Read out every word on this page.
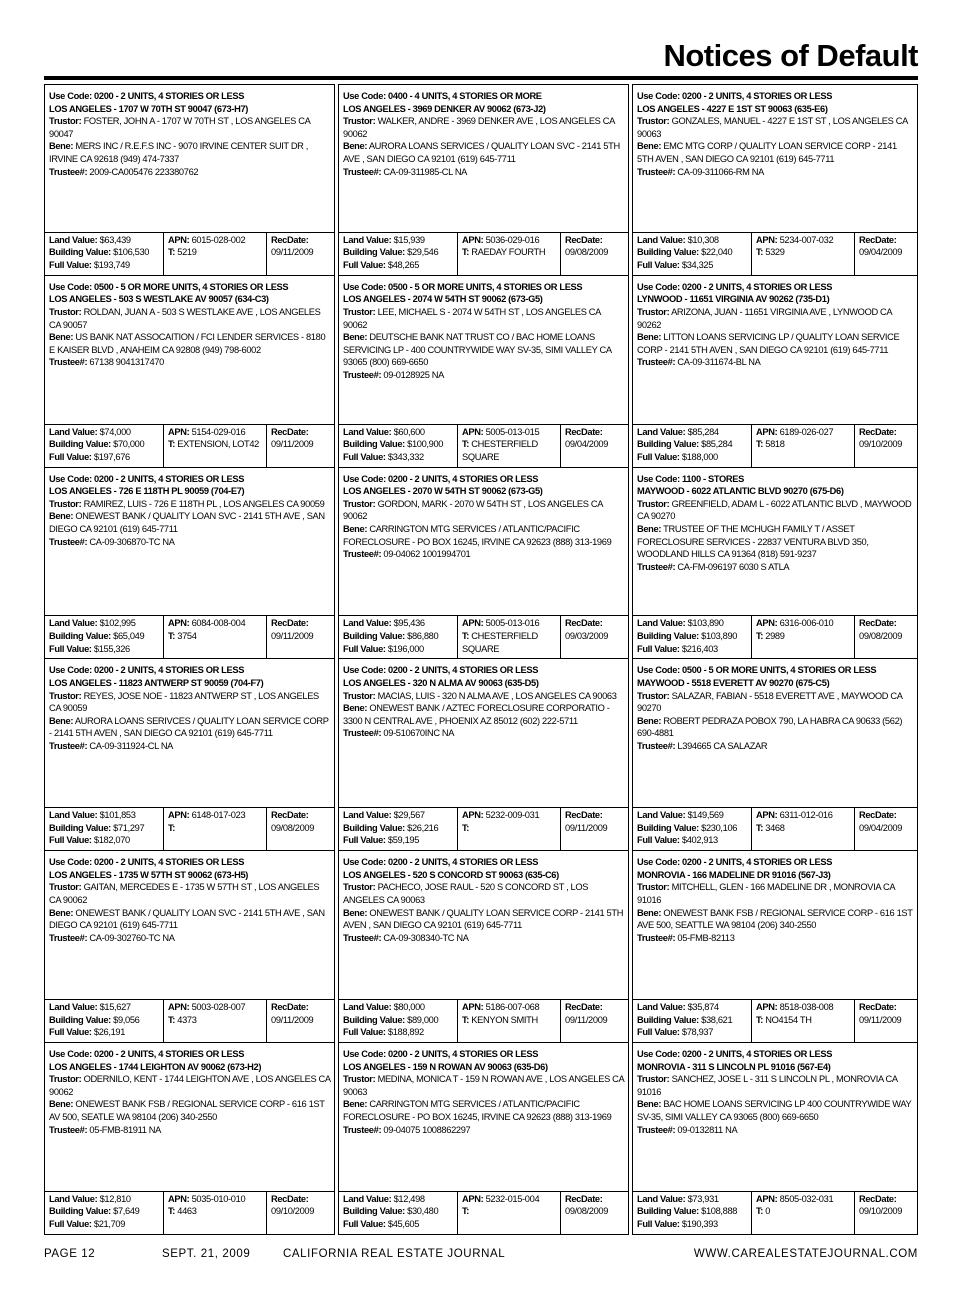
Notices of Default
Use Code: 0200 - 2 UNITS, 4 STORIES OR LESS
LOS ANGELES - 1707 W 70TH ST 90047 (673-H7)
Trustor: FOSTER, JOHN A - 1707 W 70TH ST , LOS ANGELES CA 90047
Bene: MERS INC / R.E.F.S INC - 9070 IRVINE CENTER SUIT DR , IRVINE CA 92618 (949) 474-7337
Trustee#: 2009-CA005476 223380762
Land Value: $63,439
Building Value: $106,530
Full Value: $193,749
APN: 6015-028-002
T: 5219
RecDate:
09/11/2009
Use Code: 0400 - 4 UNITS, 4 STORIES OR MORE
LOS ANGELES - 3969 DENKER AV 90062 (673-J2)
Trustor: WALKER, ANDRE - 3969 DENKER AVE , LOS ANGELES CA 90062
Bene: AURORA LOANS SERVICES / QUALITY LOAN SVC - 2141 5TH AVE , SAN DIEGO CA 92101 (619) 645-7711
Trustee#: CA-09-311985-CL NA
Land Value: $15,939
Building Value: $29,546
Full Value: $48,265
APN: 5036-029-016
T: RAEDAY FOURTH
RecDate:
09/08/2009
Use Code: 0200 - 2 UNITS, 4 STORIES OR LESS
LOS ANGELES - 4227 E 1ST ST 90063 (635-E6)
Trustor: GONZALES, MANUEL - 4227 E 1ST ST , LOS ANGELES CA 90063
Bene: EMC MTG CORP / QUALITY LOAN SERVICE CORP - 2141 5TH AVEN , SAN DIEGO CA 92101 (619) 645-7711
Trustee#: CA-09-311066-RM NA
Land Value: $10,308
Building Value: $22,040
Full Value: $34,325
APN: 5234-007-032
T: 5329
RecDate:
09/04/2009
Use Code: 0500 - 5 OR MORE UNITS, 4 STORIES OR LESS
LOS ANGELES - 503 S WESTLAKE AV 90057 (634-C3)
Trustor: ROLDAN, JUAN A - 503 S WESTLAKE AVE , LOS ANGELES CA 90057
Bene: US BANK NAT ASSOCAITION / FCI LENDER SERVICES - 8180 E KAISER BLVD , ANAHEIM CA 92808 (949) 798-6002
Trustee#: 67138 9041317470
Land Value: $74,000
Building Value: $70,000
Full Value: $197,676
APN: 5154-029-016
T: EXTENSION, LOT42
RecDate:
09/11/2009
Use Code: 0500 - 5 OR MORE UNITS, 4 STORIES OR LESS
LOS ANGELES - 2074 W 54TH ST 90062 (673-G5)
Trustor: LEE, MICHAEL S - 2074 W 54TH ST , LOS ANGELES CA 90062
Bene: DEUTSCHE BANK NAT TRUST CO / BAC HOME LOANS SERVICING LP - 400 COUNTRYWIDE WAY SV-35, SIMI VALLEY CA 93065 (800) 669-6650
Trustee#: 09-0128925 NA
Land Value: $60,600
Building Value: $100,900
Full Value: $343,332
APN: 5005-013-015
T: CHESTERFIELD SQUARE
RecDate:
09/04/2009
Use Code: 0200 - 2 UNITS, 4 STORIES OR LESS
LYNWOOD - 11651 VIRGINIA AV 90262 (735-D1)
Trustor: ARIZONA, JUAN - 11651 VIRGINIA AVE , LYNWOOD CA 90262
Bene: LITTON LOANS SERVICING LP / QUALITY LOAN SERVICE CORP - 2141 5TH AVEN , SAN DIEGO CA 92101 (619) 645-7711
Trustee#: CA-09-311674-BL NA
Land Value: $85,284
Building Value: $85,284
Full Value: $188,000
APN: 6189-026-027
T: 5818
RecDate:
09/10/2009
Use Code: 0200 - 2 UNITS, 4 STORIES OR LESS
LOS ANGELES - 726 E 118TH PL 90059 (704-E7)
Trustor: RAMIREZ, LUIS - 726 E 118TH PL , LOS ANGELES CA 90059
Bene: ONEWEST BANK / QUALITY LOAN SVC - 2141 5TH AVE , SAN DIEGO CA 92101 (619) 645-7711
Trustee#: CA-09-306870-TC NA
Land Value: $102,995
Building Value: $65,049
Full Value: $155,326
APN: 6084-008-004
T: 3754
RecDate:
09/11/2009
Use Code: 0200 - 2 UNITS, 4 STORIES OR LESS
LOS ANGELES - 2070 W 54TH ST 90062 (673-G5)
Trustor: GORDON, MARK - 2070 W 54TH ST , LOS ANGELES CA 90062
Bene: CARRINGTON MTG SERVICES / ATLANTIC/PACIFIC FORECLOSURE - PO BOX 16245, IRVINE CA 92623 (888) 313-1969
Trustee#: 09-04062 1001994701
Land Value: $95,436
Building Value: $86,880
Full Value: $196,000
APN: 5005-013-016
T: CHESTERFIELD SQUARE
RecDate:
09/03/2009
Use Code: 1100 - STORES
MAYWOOD - 6022 ATLANTIC BLVD 90270 (675-D6)
Trustor: GREENFIELD, ADAM L - 6022 ATLANTIC BLVD , MAYWOOD CA 90270
Bene: TRUSTEE OF THE MCHUGH FAMILY T / ASSET FORECLOSURE SERVICES - 22837 VENTURA BLVD 350, WOODLAND HILLS CA 91364 (818) 591-9237
Trustee#: CA-FM-096197 6030 S ATLA
Land Value: $103,890
Building Value: $103,890
Full Value: $216,403
APN: 6316-006-010
T: 2989
RecDate:
09/08/2009
Use Code: 0200 - 2 UNITS, 4 STORIES OR LESS
LOS ANGELES - 11823 ANTWERP ST 90059 (704-F7)
Trustor: REYES, JOSE NOE - 11823 ANTWERP ST , LOS ANGELES CA 90059
Bene: AURORA LOANS SERIVCES / QUALITY LOAN SERVICE CORP - 2141 5TH AVEN , SAN DIEGO CA 92101 (619) 645-7711
Trustee#: CA-09-311924-CL NA
Land Value: $101,853
Building Value: $71,297
Full Value: $182,070
APN: 6148-017-023
T:
RecDate:
09/08/2009
Use Code: 0200 - 2 UNITS, 4 STORIES OR LESS
LOS ANGELES - 320 N ALMA AV 90063 (635-D5)
Trustor: MACIAS, LUIS - 320 N ALMA AVE , LOS ANGELES CA 90063
Bene: ONEWEST BANK / AZTEC FORECLOSURE CORPORATIO - 3300 N CENTRAL AVE , PHOENIX AZ 85012 (602) 222-5711
Trustee#: 09-510670INC NA
Land Value: $29,567
Building Value: $26,216
Full Value: $59,195
APN: 5232-009-031
T:
RecDate:
09/11/2009
Use Code: 0500 - 5 OR MORE UNITS, 4 STORIES OR LESS
MAYWOOD - 5518 EVERETT AV 90270 (675-C5)
Trustor: SALAZAR, FABIAN - 5518 EVERETT AVE , MAYWOOD CA 90270
Bene: ROBERT PEDRAZA POBOX 790, LA HABRA CA 90633 (562) 690-4881
Trustee#: L394665 CA SALAZAR
Land Value: $149,569
Building Value: $230,106
Full Value: $402,913
APN: 6311-012-016
T: 3468
RecDate:
09/04/2009
Use Code: 0200 - 2 UNITS, 4 STORIES OR LESS
LOS ANGELES - 1735 W 57TH ST 90062 (673-H5)
Trustor: GAITAN, MERCEDES E - 1735 W 57TH ST , LOS ANGELES CA 90062
Bene: ONEWEST BANK / QUALITY LOAN SVC - 2141 5TH AVE , SAN DIEGO CA 92101 (619) 645-7711
Trustee#: CA-09-302760-TC NA
Land Value: $15,627
Building Value: $9,056
Full Value: $26,191
APN: 5003-028-007
T: 4373
RecDate:
09/11/2009
Use Code: 0200 - 2 UNITS, 4 STORIES OR LESS
LOS ANGELES - 520 S CONCORD ST 90063 (635-C6)
Trustor: PACHECO, JOSE RAUL - 520 S CONCORD ST , LOS ANGELES CA 90063
Bene: ONEWEST BANK / QUALITY LOAN SERVICE CORP - 2141 5TH AVEN , SAN DIEGO CA 92101 (619) 645-7711
Trustee#: CA-09-308340-TC NA
Land Value: $80,000
Building Value: $89,000
Full Value: $188,892
APN: 5186-007-068
T: KENYON SMITH
RecDate:
09/11/2009
Use Code: 0200 - 2 UNITS, 4 STORIES OR LESS
MONROVIA - 166 MADELINE DR 91016 (567-J3)
Trustor: MITCHELL, GLEN - 166 MADELINE DR , MONROVIA CA 91016
Bene: ONEWEST BANK FSB / REGIONAL SERVICE CORP - 616 1ST AVE 500, SEATTLE WA 98104 (206) 340-2550
Trustee#: 05-FMB-82113
Land Value: $35,874
Building Value: $38,621
Full Value: $78,937
APN: 8518-038-008
T: NO4154 TH
RecDate:
09/11/2009
Use Code: 0200 - 2 UNITS, 4 STORIES OR LESS
LOS ANGELES - 1744 LEIGHTON AV 90062 (673-H2)
Trustor: ODERNILO, KENT - 1744 LEIGHTON AVE , LOS ANGELES CA 90062
Bene: ONEWEST BANK FSB / REGIONAL SERVICE CORP - 616 1ST AV 500, SEATLE WA 98104 (206) 340-2550
Trustee#: 05-FMB-81911 NA
Land Value: $12,810
Building Value: $7,649
Full Value: $21,709
APN: 5035-010-010
T: 4463
RecDate:
09/10/2009
Use Code: 0200 - 2 UNITS, 4 STORIES OR LESS
LOS ANGELES - 159 N ROWAN AV 90063 (635-D6)
Trustor: MEDINA, MONICA T - 159 N ROWAN AVE , LOS ANGELES CA 90063
Bene: CARRINGTON MTG SERVICES / ATLANTIC/PACIFIC FORECLOSURE - PO BOX 16245, IRVINE CA 92623 (888) 313-1969
Trustee#: 09-04075 1008862297
Land Value: $12,498
Building Value: $30,480
Full Value: $45,605
APN: 5232-015-004
T:
RecDate:
09/08/2009
Use Code: 0200 - 2 UNITS, 4 STORIES OR LESS
MONROVIA - 311 S LINCOLN PL 91016 (567-E4)
Trustor: SANCHEZ, JOSE L - 311 S LINCOLN PL , MONROVIA CA 91016
Bene: BAC HOME LOANS SERVICING LP 400 COUNTRYWIDE WAY SV-35, SIMI VALLEY CA 93065 (800) 669-6650
Trustee#: 09-0132811 NA
Land Value: $73,931
Building Value: $108,888
Full Value: $190,393
APN: 8505-032-031
T: 0
RecDate:
09/10/2009
PAGE 12	SEPT. 21, 2009	CALIFORNIA REAL ESTATE JOURNAL	WWW.CAREALESTATEJOURNAL.COM
